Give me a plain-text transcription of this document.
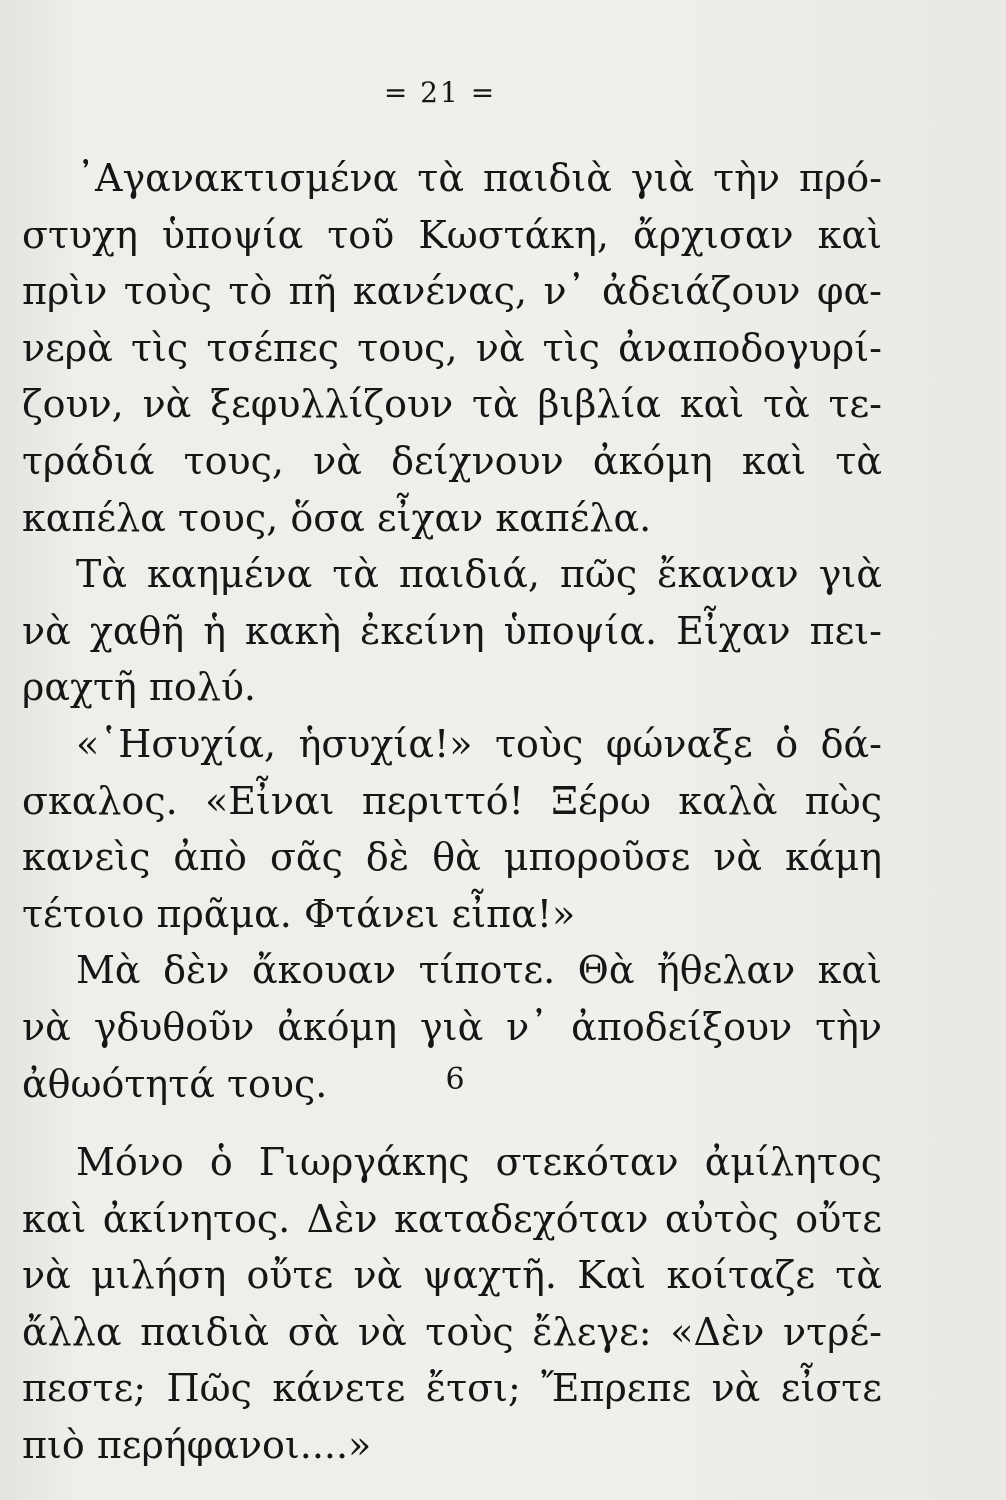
= 21 =
᾿Αγανακτισμένα τὰ παιδιὰ γιὰ τὴν πρό-
στυχη ὑποψία τοῦ Κωστάκη, ἄρχισαν καὶ
πρὶν τοὺς τὸ πῆ κανένας, ν᾿ ἀδειάζουν φα-
νερὰ τὶς τσέπες τους, νὰ τὶς ἀναποδογυρί-
ζουν, νὰ ξεφυλλίζουν τὰ βιβλία καὶ τὰ τε-
τράδιά τους, νὰ δείχνουν ἀκόμη καὶ τὰ
καπέλα τους, ὅσα εἶχαν καπέλα.
Τὰ καημένα τὰ παιδιά, πῶς ἔκαναν γιὰ
νὰ χαθῆ ἡ κακὴ ἐκείνη ὑποψία. Εἶχαν πει-
ραχτῆ πολύ.
«῾Ησυχία, ἡσυχία!» τοὺς φώναξε ὁ δά-
σκαλος. «Εἶναι περιττό! Ξέρω καλὰ πὼς
κανεὶς ἀπὸ σᾶς δὲ θὰ μποροῦσε νὰ κάμη
τέτοιο πρᾶμα. Φτάνει εἶπα!»
Μὰ δὲν ἄκουαν τίποτε. Θὰ ἤθελαν καὶ
νὰ γδυθοῦν ἀκόμη γιὰ ν᾿ ἀποδείξουν τὴν
ἀθωότητά τους.	6
Μόνο ὁ Γιωργάκης στεκόταν ἀμίλητος
καὶ ἀκίνητος. Δὲν καταδεχόταν αὐτὸς οὔτε
νὰ μιλήση οὔτε νὰ ψαχτῆ. Καὶ κοίταζε τὰ
ἄλλα παιδιὰ σὰ νὰ τοὺς ἔλεγε: «Δὲν ντρέ-
πεστε; Πῶς κάνετε ἔτσι; Ἔπρεπε νὰ εἶστε
πιὸ περήφανοι....»
